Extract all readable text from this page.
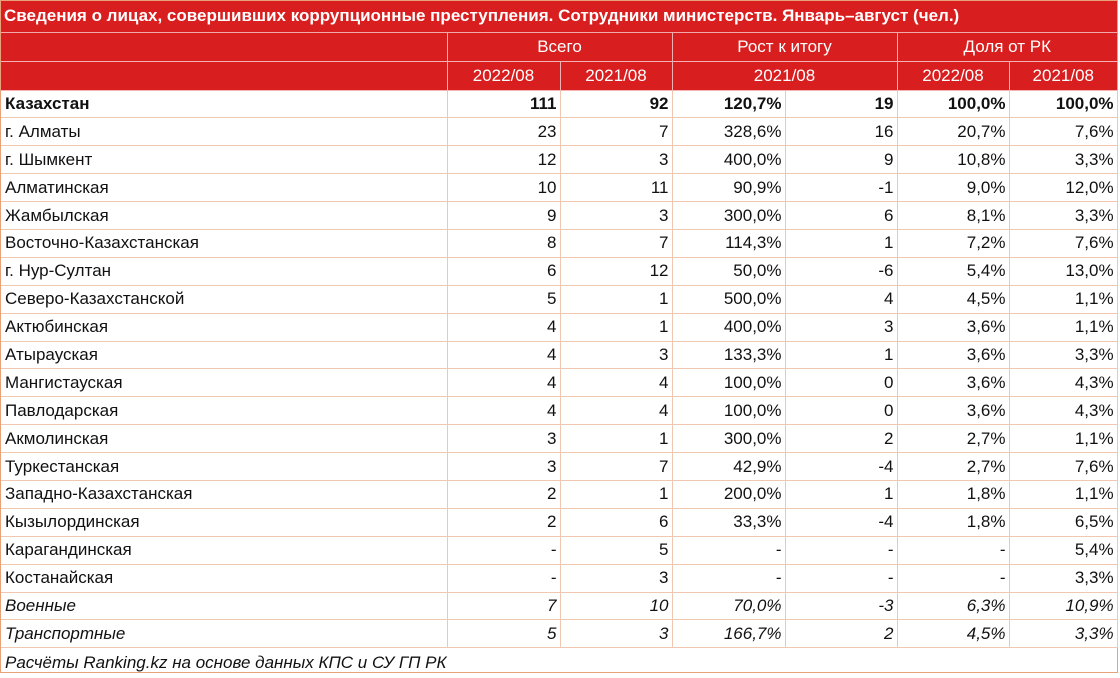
Сведения о лицах, совершивших коррупционные преступления. Сотрудники министерств. Январь–август (чел.)						
	Всего		Рост к итогу		Доля от РК	
	2022/08	2021/08	2021/08		2022/08	2021/08
Казахстан	111	92	120,7%	19	100,0%	100,0%
г. Алматы	23	7	328,6%	16	20,7%	7,6%
г. Шымкент	12	3	400,0%	9	10,8%	3,3%
Алматинская	10	11	90,9%	-1	9,0%	12,0%
Жамбылская	9	3	300,0%	6	8,1%	3,3%
Восточно-Казахстанская	8	7	114,3%	1	7,2%	7,6%
г. Нур-Султан	6	12	50,0%	-6	5,4%	13,0%
Северо-Казахстанской	5	1	500,0%	4	4,5%	1,1%
Актюбинская	4	1	400,0%	3	3,6%	1,1%
Атырауская	4	3	133,3%	1	3,6%	3,3%
Мангистауская	4	4	100,0%	0	3,6%	4,3%
Павлодарская	4	4	100,0%	0	3,6%	4,3%
Акмолинская	3	1	300,0%	2	2,7%	1,1%
Туркестанская	3	7	42,9%	-4	2,7%	7,6%
Западно-Казахстанская	2	1	200,0%	1	1,8%	1,1%
Кызылординская	2	6	33,3%	-4	1,8%	6,5%
Карагандинская	-	5	-	-	-	5,4%
Костанайская	-	3	-	-	-	3,3%
Военные	7	10	70,0%	-3	6,3%	10,9%
Транспортные	5	3	166,7%	2	4,5%	3,3%
Расчёты Ranking.kz на основе данных КПС и СУ ГП РК						
